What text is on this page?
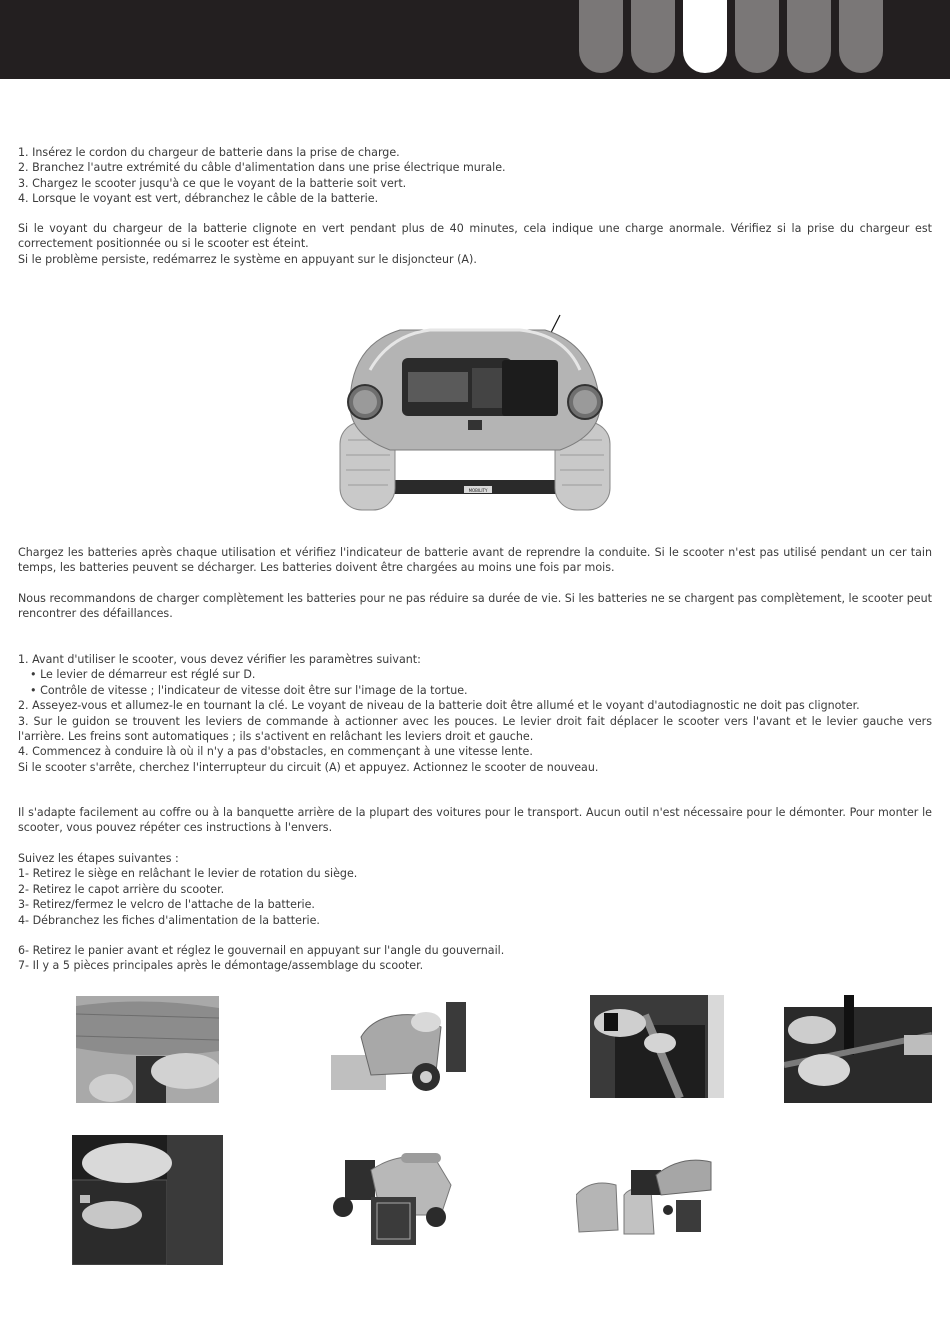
1. Insérez le cordon du chargeur de batterie dans la prise de charge.

2. Branchez l'autre extrémité du câble d'alimentation dans une prise électrique murale.

3. Chargez le scooter jusqu'à ce que le voyant de la batterie soit vert.

4. Lorsque le voyant est vert, débranchez le câble de la batterie.

Si le voyant du chargeur de la batterie clignote en vert pendant plus de 40 minutes, cela indique une charge anormale. Vérifiez si la prise du chargeur est correctement positionnée ou si le scooter est éteint.

Si le problème persiste, redémarrez le système en appuyant sur le disjoncteur (A).

MOBILITY

Chargez les batteries après chaque utilisation et vérifiez l'indicateur de batterie avant de reprendre la conduite. Si le scooter n'est pas utilisé pendant un cer tain temps, les batteries peuvent se décharger. Les batteries doivent être chargées au moins une fois par mois.

Nous recommandons de charger complètement les batteries pour ne pas réduire sa durée de vie. Si les batteries ne se chargent pas complètement, le scooter peut rencontrer des défaillances.

1. Avant d'utiliser le scooter, vous devez vérifier les paramètres suivant:

• Le levier de démarreur est réglé sur D.

• Contrôle de vitesse ; l'indicateur de vitesse doit être sur l'image de la tortue.

2. Asseyez-vous et allumez-le en tournant la clé. Le voyant de niveau de la batterie doit être allumé et le voyant d'autodiagnostic ne doit pas clignoter.

3. Sur le guidon se trouvent les leviers de commande à actionner avec les pouces. Le levier droit fait déplacer le scooter vers l'avant et le levier gauche vers l'arrière. Les freins sont automatiques ; ils s'activent en relâchant les leviers droit et gauche.

4. Commencez à conduire là où il n'y a pas d'obstacles, en commençant à une vitesse lente.

Si le scooter s'arrête, cherchez l'interrupteur du circuit (A) et appuyez. Actionnez le scooter de nouveau.

Il s'adapte facilement au coffre ou à la banquette arrière de la plupart des voitures pour le transport. Aucun outil n'est nécessaire pour le démonter. Pour monter le scooter, vous pouvez répéter ces instructions à l'envers.

Suivez les étapes suivantes :

1- Retirez le siège en relâchant le levier de rotation du siège.

2- Retirez le capot arrière du scooter.

3- Retirez/fermez le velcro de l'attache de la batterie.

4- Débranchez les fiches d'alimentation de la batterie.

6- Retirez le panier avant et réglez le gouvernail en appuyant sur l'angle du gouvernail.

7- Il y a 5 pièces principales après le démontage/assemblage du scooter.
